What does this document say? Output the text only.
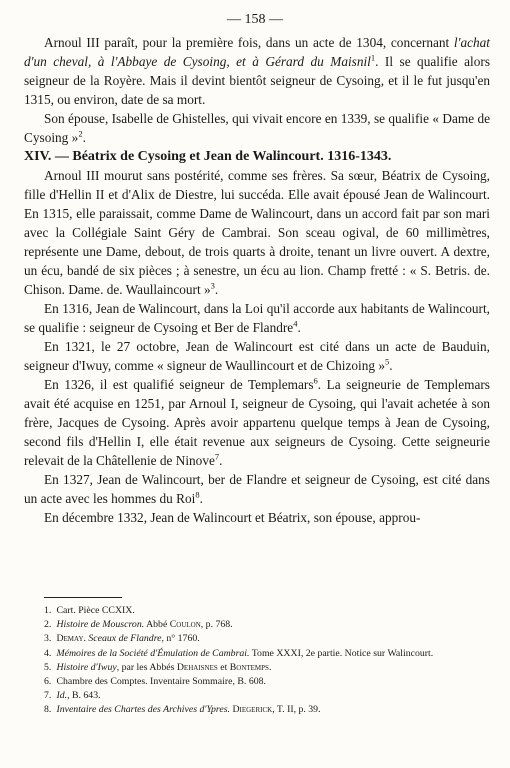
— 158 —

Arnoul III paraît, pour la première fois, dans un acte de 1304, concernant l'achat d'un cheval, à l'Abbaye de Cysoing, et à Gérard du Maisnil$^1$. Il se qualifie alors seigneur de la Royère. Mais il devint bientôt seigneur de Cysoing, et il le fut jusqu'en 1315, ou environ, date de sa mort.

Son épouse, Isabelle de Ghistelles, qui vivait encore en 1339, se qualifie « Dame de Cysoing »$^2$.

XIV. — Béatrix de Cysoing et Jean de Walincourt. 1316-1343.

Arnoul III mourut sans postérité, comme ses frères. Sa sœur, Béatrix de Cysoing, fille d'Hellin II et d'Alix de Diestre, lui succéda. Elle avait épousé Jean de Walincourt. En 1315, elle paraissait, comme Dame de Walincourt, dans un accord fait par son mari avec la Collégiale Saint Géry de Cambrai. Son sceau ogival, de 60 millimètres, représente une Dame, debout, de trois quarts à droite, tenant un livre ouvert. A dextre, un écu, bandé de six pièces ; à senestre, un écu au lion. Champ fretté : « S. Betris. de. Chison. Dame. de. Waullaincourt »$^3$.

En 1316, Jean de Walincourt, dans la Loi qu'il accorde aux habitants de Walincourt, se qualifie : seigneur de Cysoing et Ber de Flandre$^4$.

En 1321, le 27 octobre, Jean de Walincourt est cité dans un acte de Bauduin, seigneur d'Iwuy, comme « signeur de Waullincourt et de Chizoing »$^5$.

En 1326, il est qualifié seigneur de Templemars$^6$. La seigneurie de Templemars avait été acquise en 1251, par Arnoul I, seigneur de Cysoing, qui l'avait achetée à son frère, Jacques de Cysoing. Après avoir appartenu quelque temps à Jean de Cysoing, second fils d'Hellin I, elle était revenue aux seigneurs de Cysoing. Cette seigneurie relevait de la Châtellenie de Ninove$^7$.

En 1327, Jean de Walincourt, ber de Flandre et seigneur de Cysoing, est cité dans un acte avec les hommes du Roi$^8$.

En décembre 1332, Jean de Walincourt et Béatrix, son épouse, approu-

1. Cart. Pièce CCXIX.

2. Histoire de Mouscron. Abbé Coulon, p. 768.

3. Demay. Sceaux de Flandre, n° 1760.

4. Mémoires de la Société d'Émulation de Cambrai. Tome XXXI, 2e partie. Notice sur Walincourt.

5. Histoire d'Iwuy, par les Abbés Dehaisnes et Bontemps.

6. Chambre des Comptes. Inventaire Sommaire, B. 608.

7. Id., B. 643.

8. Inventaire des Chartes des Archives d'Ypres. Diegerick, T. II, p. 39.
